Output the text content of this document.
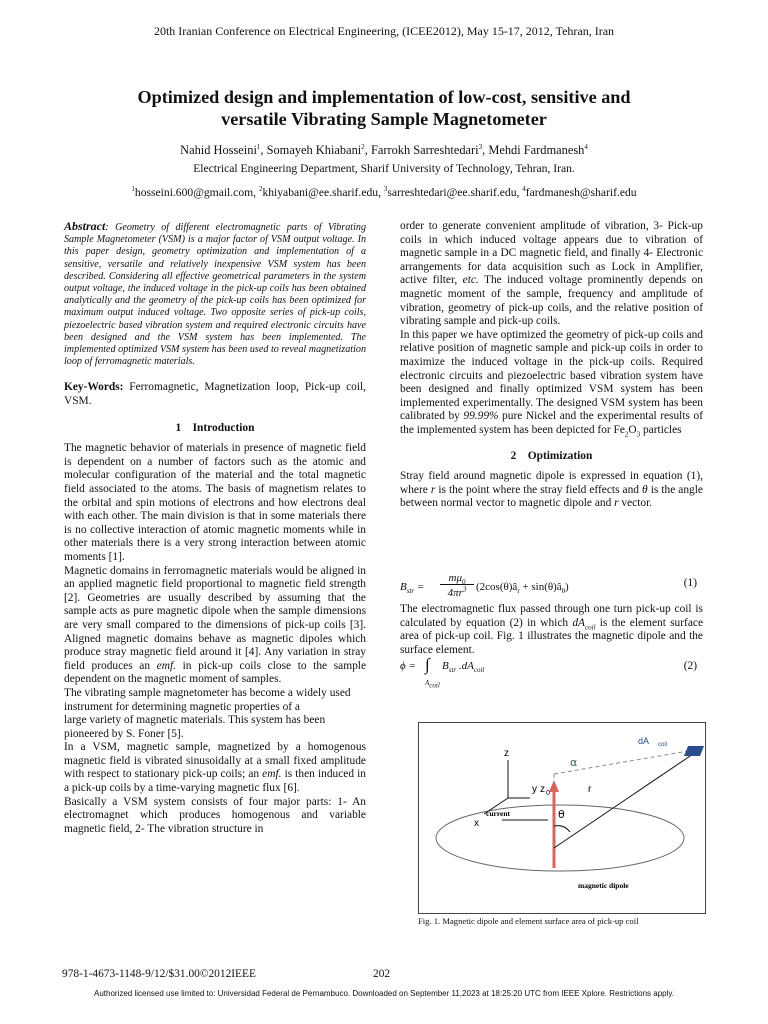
20th Iranian Conference on Electrical Engineering, (ICEE2012), May 15-17, 2012, Tehran, Iran
Optimized design and implementation of low-cost, sensitive and
versatile Vibrating Sample Magnetometer
Nahid Hosseini$^1$, Somayeh Khiabani$^2$, Farrokh Sarreshtedari$^3$, Mehdi Fardmanesh$^4$
Electrical Engineering Department, Sharif University of Technology, Tehran, Iran.
$^1$hosseini.600@gmail.com, $^2$khiyabani@ee.sharif.edu, $^3$sarreshtedari@ee.sharif.edu, $^4$fardmanesh@sharif.edu

Abstract: Geometry of different electromagnetic parts of Vibrating Sample Magnetometer (VSM) is a major factor of VSM output voltage. In this paper design, geometry optimization and implementation of a sensitive, versatile and relatively inexpensive VSM system has been described. Considering all effective geometrical parameters in the system output voltage, the induced voltage in the pick-up coils has been obtained analytically and the geometry of the pick-up coils has been optimized for maximum output induced voltage. Two opposite series of pick-up coils, piezoelectric based vibration system and required electronic circuits have been designed and the VSM system has been implemented. The implemented optimized VSM system has been used to reveal magnetization loop of ferromagnetic materials.

Key-Words: Ferromagnetic, Magnetization loop, Pick-up coil, VSM.

1 Introduction

The magnetic behavior of materials in presence of magnetic field is dependent on a number of factors such as the atomic and molecular configuration of the material and the total magnetic field associated to the atoms. The basis of magnetism relates to the orbital and spin motions of electrons and how electrons deal with each other. The main division is that in some materials there is no collective interaction of atomic magnetic moments while in other materials there is a very strong interaction between atomic moments [1].

Magnetic domains in ferromagnetic materials would be aligned in an applied magnetic field proportional to magnetic field strength [2]. Geometries are usually described by assuming that the sample acts as pure magnetic dipole when the sample dimensions are very small compared to the dimensions of pick-up coils [3]. Aligned magnetic domains behave as magnetic dipoles which produce stray magnetic field around it [4]. Any variation in stray field produces an emf. in pick-up coils close to the sample dependent on the magnetic moment of samples.

The vibrating sample magnetometer has become a widely used instrument for determining magnetic properties of a
large variety of magnetic materials. This system has been pioneered by S. Foner [5].

In a VSM, magnetic sample, magnetized by a homogenous magnetic field is vibrated sinusoidally at a small fixed amplitude with respect to stationary pick-up coils; an emf. is then induced in a pick-up coils by a time-varying magnetic flux [6].

Basically a VSM system consists of four major parts: 1- An electromagnet which produces homogenous and variable magnetic field, 2- The vibration structure in

order to generate convenient amplitude of vibration, 3- Pick-up coils in which induced voltage appears due to vibration of magnetic sample in a DC magnetic field, and finally 4- Electronic arrangements for data acquisition such as Lock in Amplifier, active filter, etc. The induced voltage prominently depends on magnetic moment of the sample, frequency and amplitude of vibration, geometry of pick-up coils, and the relative position of vibrating sample and pick-up coils.

In this paper we have optimized the geometry of pick-up coils and relative position of magnetic sample and pick-up coils in order to maximize the induced voltage in the pick-up coils. Required electronic circuits and piezoelectric based vibration system have been designed and finally optimized VSM system has been implemented experimentally. The designed VSM system has been calibrated by 99.99% pure Nickel and the experimental results of the implemented system has been depicted for $Fe_2O_3$ particles

2 Optimization

Stray field around magnetic dipole is expressed in equation (1), where r is the point where the stray field effects and θ is the angle between normal vector to magnetic dipole and r vector.

$B_{str}$ =
$m\mu_0$
$4\pi r^3$ ($2\cos(\theta)â_r$ + $\sin(\theta)â_\theta$)	(1)

The electromagnetic flux passed through one turn pick-up coil is calculated by equation (2) in which $dA_{coil}$ is the element surface area of pick-up coil. Fig. 1 illustrates the magnetic dipole and the surface element.

ϕ = ∫
$A_{coil}$
$B_{str}$ $.dA_{coil}$	(2)
z
y
x
z 0
α
r
θ
current
dA coil
magnetic dipole
Fig. 1. Magnetic dipole and element surface area of pick-up coil
978-1-4673-1148-9/12/$31.00©2012IEEE	202
Authorized licensed use limited to: Universidad Federal de Pernambuco. Downloaded on September 11,2023 at 18:25:20 UTC from IEEE Xplore. Restrictions apply.
